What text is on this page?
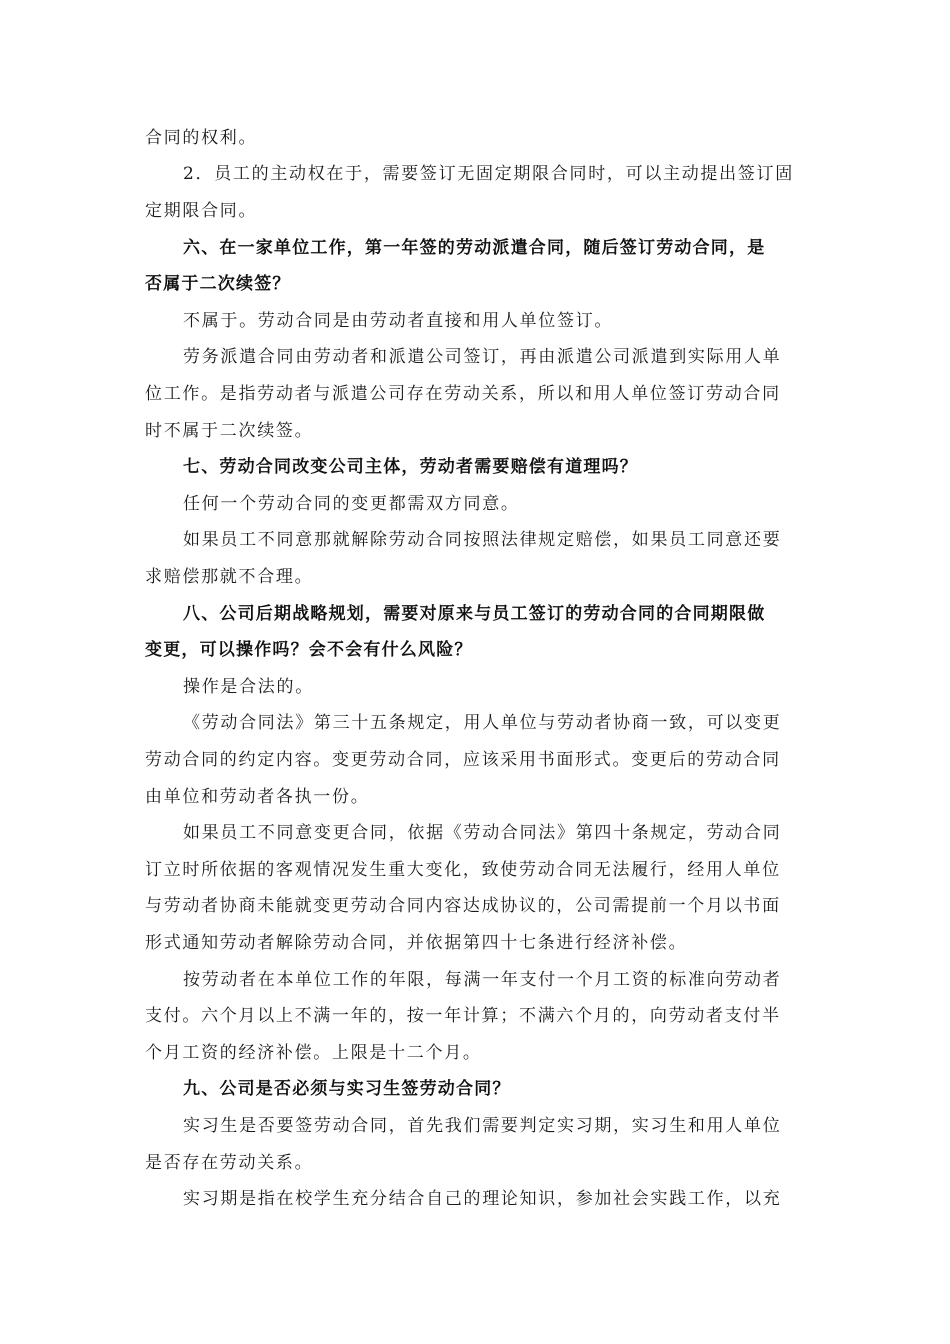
合同的权利。
2．员工的主动权在于，需要签订无固定期限合同时，可以主动提出签订固
定期限合同。
六、在一家单位工作，第一年签的劳动派遣合同，随后签订劳动合同，是
否属于二次续签？
不属于。劳动合同是由劳动者直接和用人单位签订。
劳务派遣合同由劳动者和派遣公司签订，再由派遣公司派遣到实际用人单
位工作。是指劳动者与派遣公司存在劳动关系，所以和用人单位签订劳动合同
时不属于二次续签。
七、劳动合同改变公司主体，劳动者需要赔偿有道理吗？
任何一个劳动合同的变更都需双方同意。
如果员工不同意那就解除劳动合同按照法律规定赔偿，如果员工同意还要
求赔偿那就不合理。
八、公司后期战略规划，需要对原来与员工签订的劳动合同的合同期限做
变更，可以操作吗？会不会有什么风险？
操作是合法的。
《劳动合同法》第三十五条规定，用人单位与劳动者协商一致，可以变更
劳动合同的约定内容。变更劳动合同，应该采用书面形式。变更后的劳动合同
由单位和劳动者各执一份。
如果员工不同意变更合同，依据《劳动合同法》第四十条规定，劳动合同
订立时所依据的客观情况发生重大变化，致使劳动合同无法履行，经用人单位
与劳动者协商未能就变更劳动合同内容达成协议的，公司需提前一个月以书面
形式通知劳动者解除劳动合同，并依据第四十七条进行经济补偿。
按劳动者在本单位工作的年限，每满一年支付一个月工资的标准向劳动者
支付。六个月以上不满一年的，按一年计算；不满六个月的，向劳动者支付半
个月工资的经济补偿。上限是十二个月。
九、公司是否必须与实习生签劳动合同？
实习生是否要签劳动合同，首先我们需要判定实习期，实习生和用人单位
是否存在劳动关系。
实习期是指在校学生充分结合自己的理论知识，参加社会实践工作，以充
